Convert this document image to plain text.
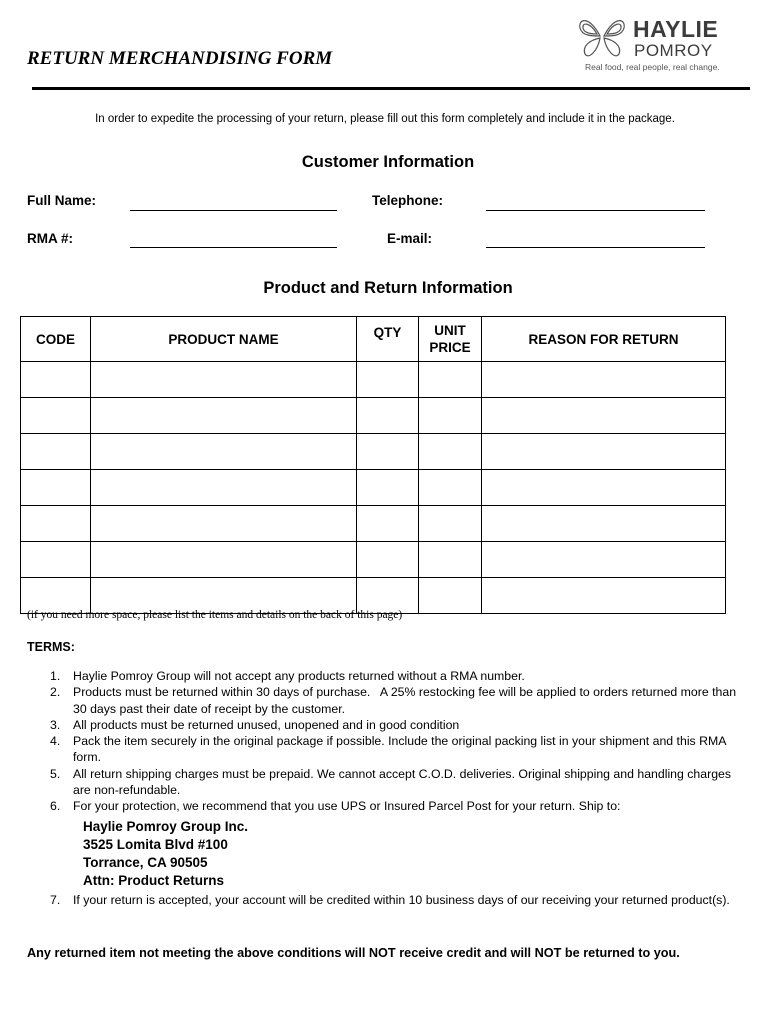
RETURN MERCHANDISING FORM
HAYLIE
POMROY
Real food, real people, real change.
In order to expedite the processing of your return, please fill out this form completely and include it in the package.
Customer Information
Full Name:	Telephone:
RMA #:	E-mail:
Product and Return Information
CODE	PRODUCT NAME	QTY	UNIT PRICE	REASON FOR RETURN

(if you need more space, please list the items and details on the back of this page)
TERMS:
1.	Haylie Pomroy Group will not accept any products returned without a RMA number.
2.	Products must be returned within 30 days of purchase.   A 25% restocking fee will be applied to orders returned more than 30 days past their date of receipt by the customer.
3.	All products must be returned unused, unopened and in good condition
4.	Pack the item securely in the original package if possible. Include the original packing list in your shipment and this RMA form.
5.	All return shipping charges must be prepaid. We cannot accept C.O.D. deliveries. Original shipping and handling charges are non-refundable.
6.	For your protection, we recommend that you use UPS or Insured Parcel Post for your return. Ship to:
Haylie Pomroy Group Inc.
3525 Lomita Blvd #100
Torrance, CA 90505
Attn: Product Returns
7.	If your return is accepted, your account will be credited within 10 business days of our receiving your returned product(s).
Any returned item not meeting the above conditions will NOT receive credit and will NOT be returned to you.
